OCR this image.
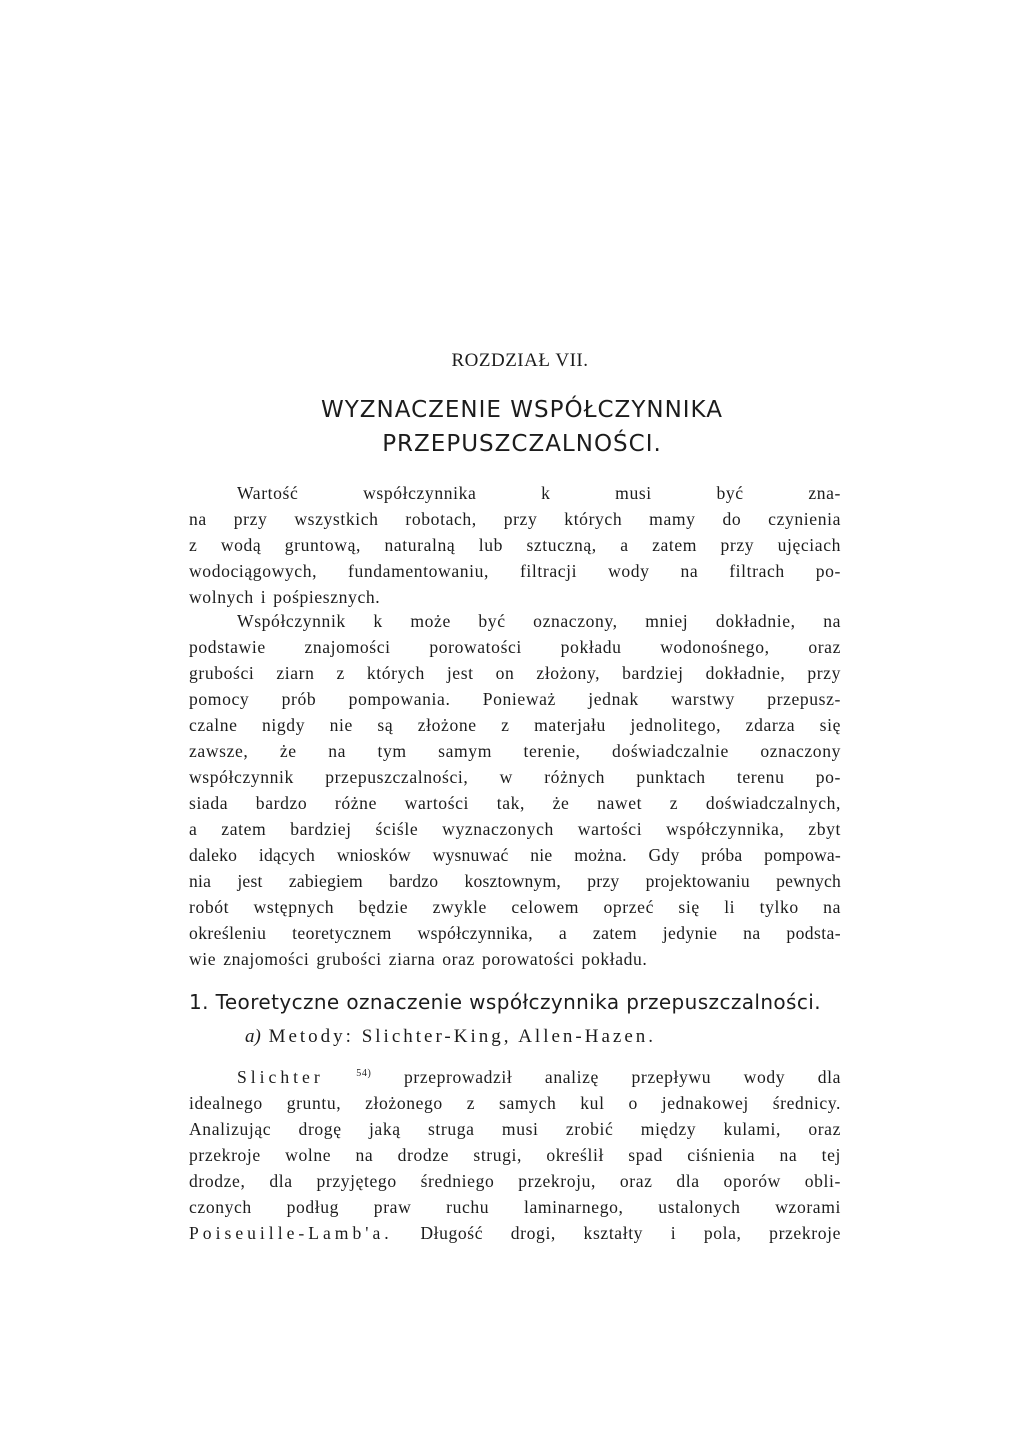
ROZDZIAŁ VII.
WYZNACZENIE WSPÓŁCZYNNIKA
PRZEPUSZCZALNOŚCI.
Wartość współczynnika k musi być zna-
na przy wszystkich robotach, przy których mamy do czynienia
z wodą gruntową, naturalną lub sztuczną, a zatem przy ujęciach
wodociągowych, fundamentowaniu, filtracji wody na filtrach po-
wolnych i pośpiesznych.
Współczynnik k może być oznaczony, mniej dokładnie, na
podstawie znajomości porowatości pokładu wodonośnego, oraz
grubości ziarn z których jest on złożony, bardziej dokładnie, przy
pomocy prób pompowania. Ponieważ jednak warstwy przepusz-
czalne nigdy nie są złożone z materjału jednolitego, zdarza się
zawsze, że na tym samym terenie, doświadczalnie oznaczony
współczynnik przepuszczalności, w różnych punktach terenu po-
siada bardzo różne wartości tak, że nawet z doświadczalnych,
a zatem bardziej ściśle wyznaczonych wartości współczynnika, zbyt
daleko idących wniosków wysnuwać nie można. Gdy próba pompowa-
nia jest zabiegiem bardzo kosztownym, przy projektowaniu pewnych
robót wstępnych będzie zwykle celowem oprzeć się li tylko na
określeniu teoretycznem współczynnika, a zatem jedynie na podsta-
wie znajomości grubości ziarna oraz porowatości pokładu.
1. Teoretyczne oznaczenie współczynnika przepuszczalności.
a) Metody: Slichter-King, Allen-Hazen.
Slichter	$^{54)}$ przeprowadził analizę przepływu wody dla
idealnego gruntu, złożonego z samych kul o jednakowej średnicy.
Analizując drogę jaką struga musi zrobić między kulami, oraz
przekroje wolne na drodze strugi, określił spad ciśnienia na tej
drodze, dla przyjętego średniego przekroju, oraz dla oporów obli-
czonych podług praw ruchu laminarnego, ustalonych wzorami
Poiseuille-Lamb'a. Długość drogi, kształty i pola, przekroje
